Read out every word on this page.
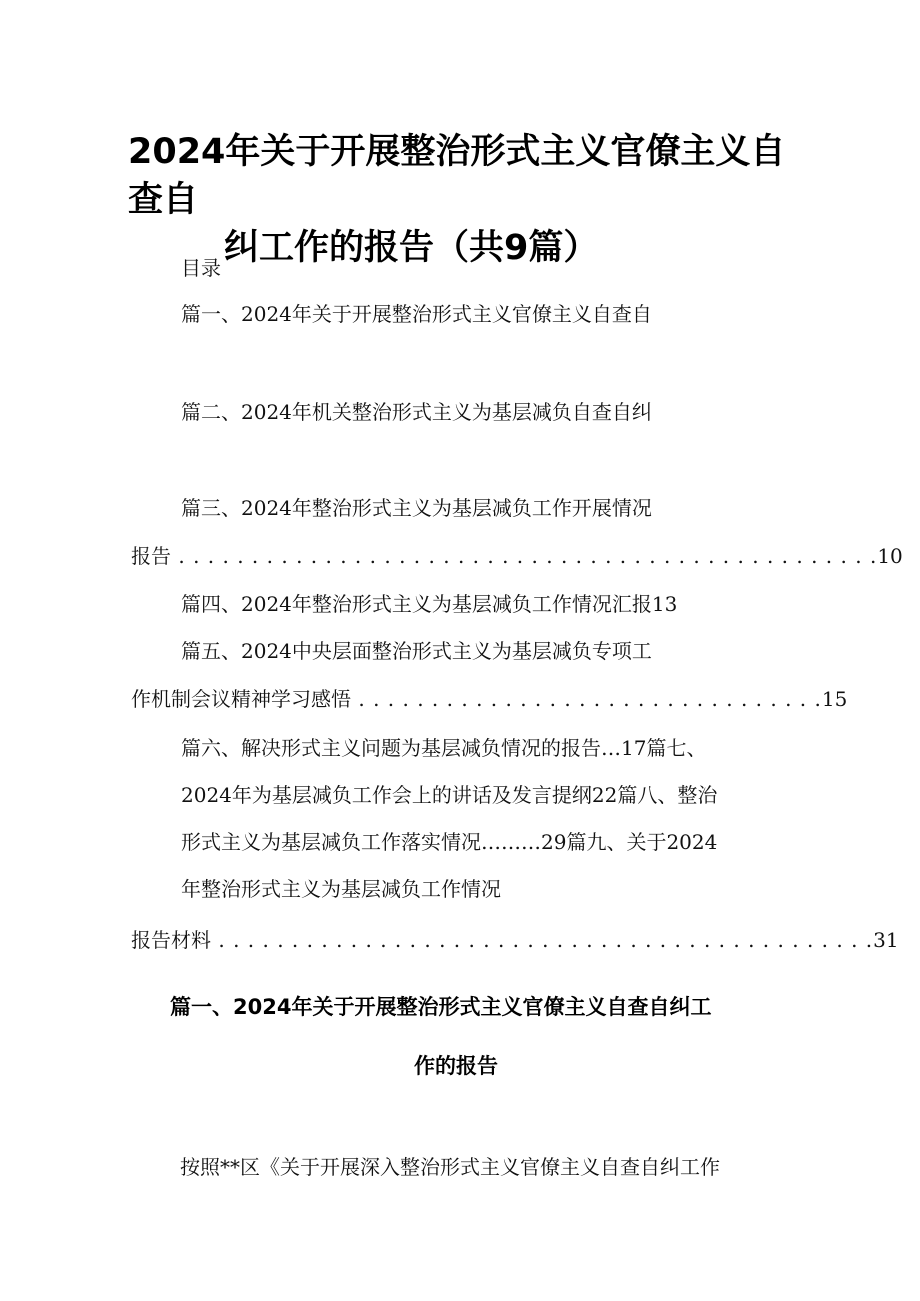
2024年关于开展整治形式主义官僚主义自查自
纠工作的报告（共9篇）
目录
篇一、2024年关于开展整治形式主义官僚主义自查自
篇二、2024年机关整治形式主义为基层减负自查自纠
篇三、2024年整治形式主义为基层减负工作开展情况
报告 . . . . . . . . . . . . . . . . . . . . . . . . . . . . . . . . . . . . . . . . . . . . . . . .10
篇四、2024年整治形式主义为基层减负工作情况汇报13
篇五、2024中央层面整治形式主义为基层减负专项工
作机制会议精神学习感悟 . . . . . . . . . . . . . . . . . . . . . . . . . . . . . . . .15
篇六、解决形式主义问题为基层减负情况的报告…17篇七、
2024年为基层减负工作会上的讲话及发言提纲22篇八、整治
形式主义为基层减负工作落实情况………29篇九、关于2024
年整治形式主义为基层减负工作情况
报告材料 . . . . . . . . . . . . . . . . . . . . . . . . . . . . . . . . . . . . . . . . . . . . .31
篇一、2024年关于开展整治形式主义官僚主义自查自纠工
作的报告
按照**区《关于开展深入整治形式主义官僚主义自查自纠工作
